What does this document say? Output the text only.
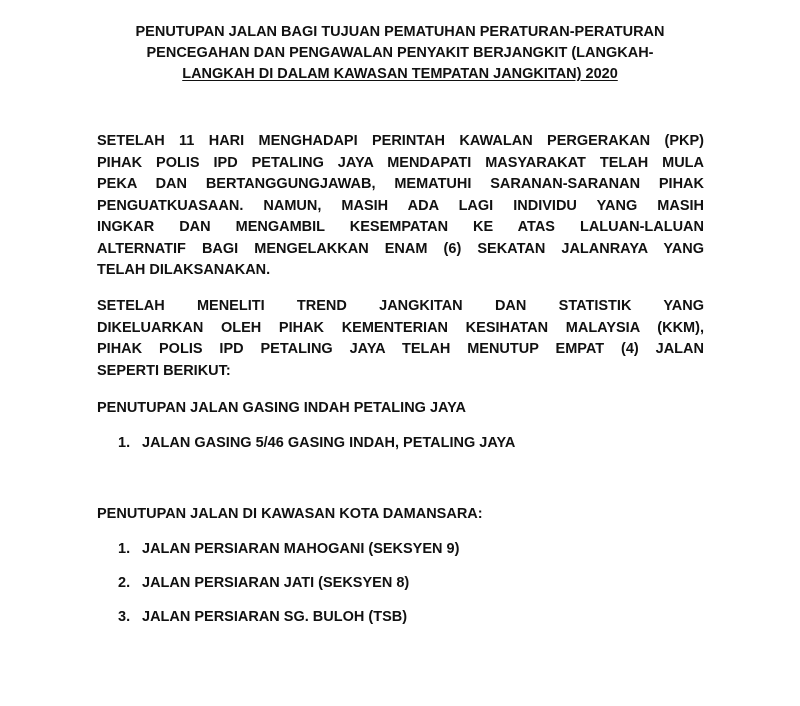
PENUTUPAN JALAN BAGI TUJUAN PEMATUHAN PERATURAN-PERATURAN
PENCEGAHAN DAN PENGAWALAN PENYAKIT BERJANGKIT (LANGKAH-
LANGKAH DI DALAM KAWASAN TEMPATAN JANGKITAN) 2020
SETELAH 11 HARI MENGHADAPI PERINTAH KAWALAN PERGERAKAN (PKP)
PIHAK POLIS IPD PETALING JAYA MENDAPATI MASYARAKAT TELAH MULA
PEKA DAN BERTANGGUNGJAWAB, MEMATUHI SARANAN-SARANAN PIHAK
PENGUATKUASAAN. NAMUN, MASIH ADA LAGI INDIVIDU YANG MASIH
INGKAR DAN MENGAMBIL KESEMPATAN KE ATAS LALUAN-LALUAN
ALTERNATIF BAGI MENGELAKKAN ENAM (6) SEKATAN JALANRAYA YANG
TELAH DILAKSANAKAN.
SETELAH MENELITI TREND JANGKITAN DAN STATISTIK YANG
DIKELUARKAN OLEH PIHAK KEMENTERIAN KESIHATAN MALAYSIA (KKM),
PIHAK POLIS IPD PETALING JAYA TELAH MENUTUP EMPAT (4) JALAN
SEPERTI BERIKUT:
PENUTUPAN JALAN GASING INDAH PETALING JAYA
1. JALAN GASING 5/46 GASING INDAH, PETALING JAYA
PENUTUPAN JALAN DI KAWASAN KOTA DAMANSARA:
1. JALAN PERSIARAN MAHOGANI (SEKSYEN 9)
2. JALAN PERSIARAN JATI (SEKSYEN 8)
3. JALAN PERSIARAN SG. BULOH (TSB)
